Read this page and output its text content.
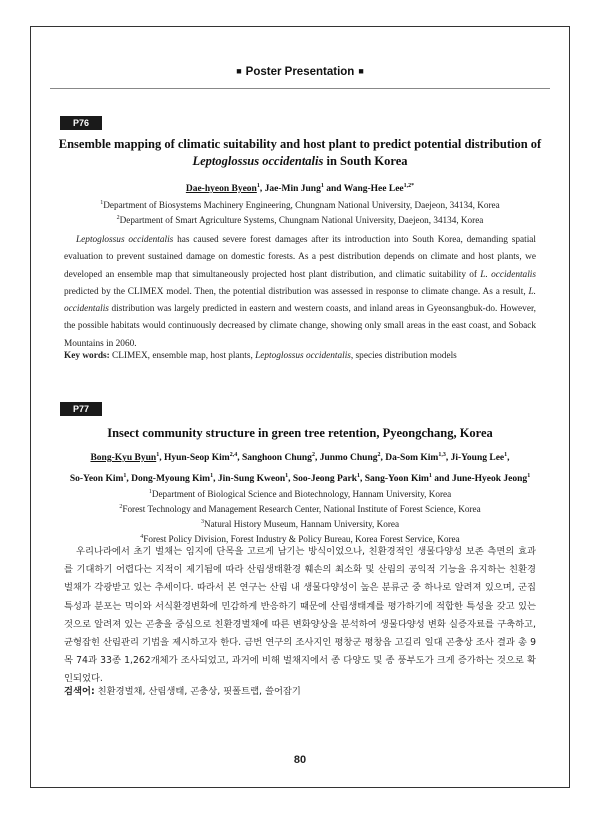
■ Poster Presentation ■
P76
Ensemble mapping of climatic suitability and host plant to predict potential distribution of
Leptoglossus occidentalis in South Korea
Dae-hyeon Byeon$^1$, Jae-Min Jung$^1$ and Wang-Hee Lee$^{1,2*}$
$^1$Department of Biosystems Machinery Engineering, Chungnam National University, Daejeon, 34134, Korea
$^2$Department of Smart Agriculture Systems, Chungnam National University, Daejeon, 34134, Korea
Leptoglossus occidentalis has caused severe forest damages after its introduction into South Korea, demanding spatial evaluation to prevent sustained damage on domestic forests. As a pest distribution depends on climate and host plants, we developed an ensemble map that simultaneously projected host plant distribution, and climatic suitability of L. occidentalis predicted by the CLIMEX model. Then, the potential distribution was assessed in response to climate change. As a result, L. occidentalis distribution was largely predicted in eastern and western coasts, and inland areas in Gyeonsangbuk-do. However, the possible habitats would continuously decreased by climate change, showing only small areas in the east coast, and Soback Mountains in 2060.
Key words: CLIMEX, ensemble map, host plants, Leptoglossus occidentalis, species distribution models
P77
Insect community structure in green tree retention, Pyeongchang, Korea
Bong-Kyu Byun$^1$, Hyun-Seop Kim$^{2,4}$, Sanghoon Chung$^2$, Junmo Chung$^2$, Da-Som Kim$^{1,3}$, Ji-Young Lee$^1$,
So-Yeon Kim$^1$, Dong-Myoung Kim$^1$, Jin-Sung Kweon$^1$, Soo-Jeong Park$^1$, Sang-Yoon Kim$^1$ and June-Hyeok Jeong$^1$
$^1$Department of Biological Science and Biotechnology, Hannam University, Korea
$^2$Forest Technology and Management Research Center, National Institute of Forest Science, Korea
$^3$Natural History Museum, Hannam University, Korea
$^4$Forest Policy Division, Forest Industry & Policy Bureau, Korea Forest Service, Korea
우리나라에서 초기 벌채는 임지에 단목을 고르게 남기는 방식이었으나, 친환경적인 생물다양성 보존 측면의 효과를 기대하기 어렵다는 지적이 제기됨에 따라 산림생태환경 훼손의 최소화 및 산림의 공익적 기능을 유지하는 친환경벌채가 각광받고 있는 추세이다. 따라서 본 연구는 산림 내 생물다양성이 높은 분류군 중 하나로 알려져 있으며, 군집 특성과 분포는 먹이와 서식환경변화에 민감하게 반응하기 때문에 산림생태계를 평가하기에 적합한 특성을 갖고 있는 것으로 알려져 있는 곤충을 중심으로 친환경벌채에 따른 변화양상을 분석하여 생물다양성 변화 실증자료를 구축하고, 균형잡힌 산림관리 기법을 제시하고자 한다. 금번 연구의 조사지인 평창군 평창읍 고길리 일대 곤충상 조사 결과 총 9목 74과 33종 1,262개체가 조사되었고, 과거에 비해 벌채지에서 종 다양도 및 종 풍부도가 크게 증가하는 것으로 확인되었다.
검색어: 친환경벌채, 산림생태, 곤충상, 핏폴트랩, 쓸어잡기
80
